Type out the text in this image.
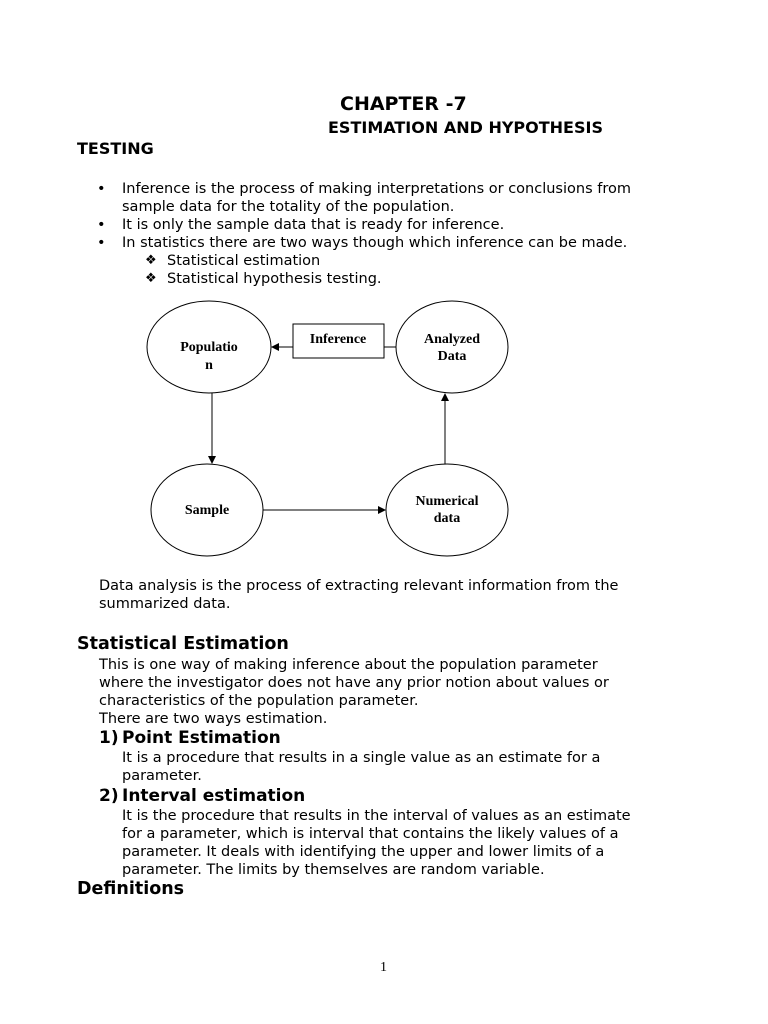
CHAPTER -7
ESTIMATION AND HYPOTHESIS
TESTING
• Inference is the process of making interpretations or conclusions from
sample data for the totality of the population.
• It is only the sample data that is ready for inference.
• In statistics there are two ways though which inference can be made.
❖ Statistical estimation
❖ Statistical hypothesis testing.
Populatio
n
Inference	Analyzed
Data
Sample
Numerical
data
Data analysis is the process of extracting relevant information from the
summarized data.
Statistical Estimation
This is one way of making inference about the population parameter
where the investigator does not have any prior notion about values or
characteristics of the population parameter.
There are two ways estimation.
1) Point Estimation
It is a procedure that results in a single value as an estimate for a
parameter.
2) Interval estimation
It is the procedure that results in the interval of values as an estimate
for a parameter, which is interval that contains the likely values of a
parameter. It deals with identifying the upper and lower limits of a
parameter. The limits by themselves are random variable.
Definitions
1
